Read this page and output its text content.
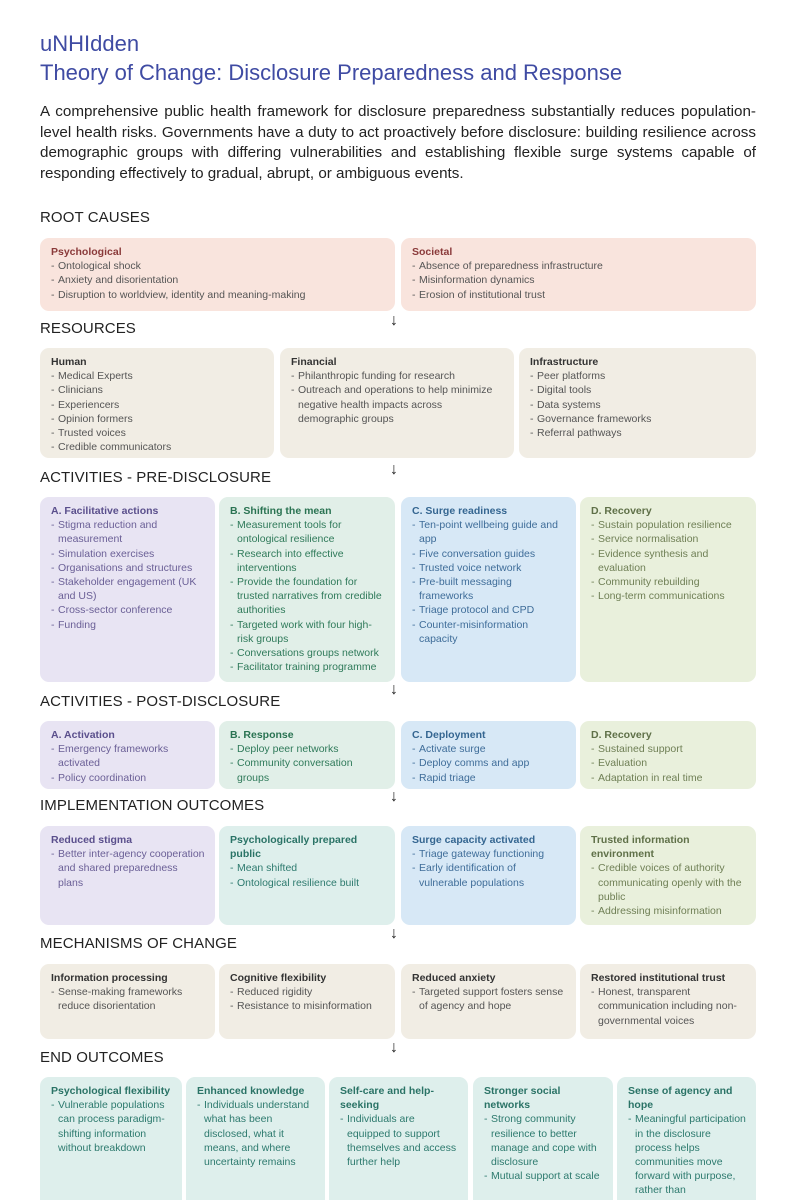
uNHIdden
Theory of Change: Disclosure Preparedness and Response
A comprehensive public health framework for disclosure preparedness substantially reduces population-level health risks. Governments have a duty to act proactively before disclosure: building resilience across demographic groups with differing vulnerabilities and establishing flexible surge systems capable of responding effectively to gradual, abrupt, or ambiguous events.
ROOT CAUSES
Psychological
- Ontological shock
- Anxiety and disorientation
- Disruption to worldview, identity and meaning-making
Societal
- Absence of preparedness infrastructure
- Misinformation dynamics
- Erosion of institutional trust
↓
RESOURCES
Human
- Medical Experts
- Clinicians
- Experiencers
- Opinion formers
- Trusted voices
- Credible communicators
Financial
- Philanthropic funding for research
- Outreach and operations to help minimize negative health impacts across demographic groups
Infrastructure
- Peer platforms
- Digital tools
- Data systems
- Governance frameworks
- Referral pathways
↓
ACTIVITIES - PRE-DISCLOSURE
A. Facilitative actions
- Stigma reduction and measurement
- Simulation exercises
- Organisations and structures
- Stakeholder engagement (UK and US)
- Cross-sector conference
- Funding
B. Shifting the mean
- Measurement tools for ontological resilience
- Research into effective interventions
- Provide the foundation for trusted narratives from credible authorities
- Targeted work with four high-risk groups
- Conversations groups network
- Facilitator training programme
C. Surge readiness
- Ten-point wellbeing guide and app
- Five conversation guides
- Trusted voice network
- Pre-built messaging frameworks
- Triage protocol and CPD
- Counter-misinformation capacity
D. Recovery
- Sustain population resilience
- Service normalisation
- Evidence synthesis and evaluation
- Community rebuilding
- Long-term communications
↓
ACTIVITIES - POST-DISCLOSURE
A. Activation
- Emergency frameworks activated
- Policy coordination
B. Response
- Deploy peer networks
- Community conversation groups
C. Deployment
- Activate surge
- Deploy comms and app
- Rapid triage
D. Recovery
- Sustained support
- Evaluation
- Adaptation in real time
↓
IMPLEMENTATION OUTCOMES
Reduced stigma
- Better inter-agency cooperation and shared preparedness plans
Psychologically prepared public
- Mean shifted
- Ontological resilience built
Surge capacity activated
- Triage gateway functioning
- Early identification of vulnerable populations
Trusted information environment
- Credible voices of authority communicating openly with the public
- Addressing misinformation
↓
MECHANISMS OF CHANGE
Information processing
- Sense-making frameworks reduce disorientation
Cognitive flexibility
- Reduced rigidity
- Resistance to misinformation
Reduced anxiety
- Targeted support fosters sense of agency and hope
Restored institutional trust
- Honest, transparent communication including non-governmental voices
↓
END OUTCOMES
Psychological flexibility
- Vulnerable populations can process paradigm-shifting information without breakdown
Enhanced knowledge
- Individuals understand what has been disclosed, what it means, and where uncertainty remains
Self-care and help-seeking
- Individuals are equipped to support themselves and access further help
Stronger social networks
- Strong community resilience to better manage and cope with disclosure
- Mutual support at scale
Sense of agency and hope
- Meaningful participation in the disclosure process helps communities move forward with purpose, rather than
